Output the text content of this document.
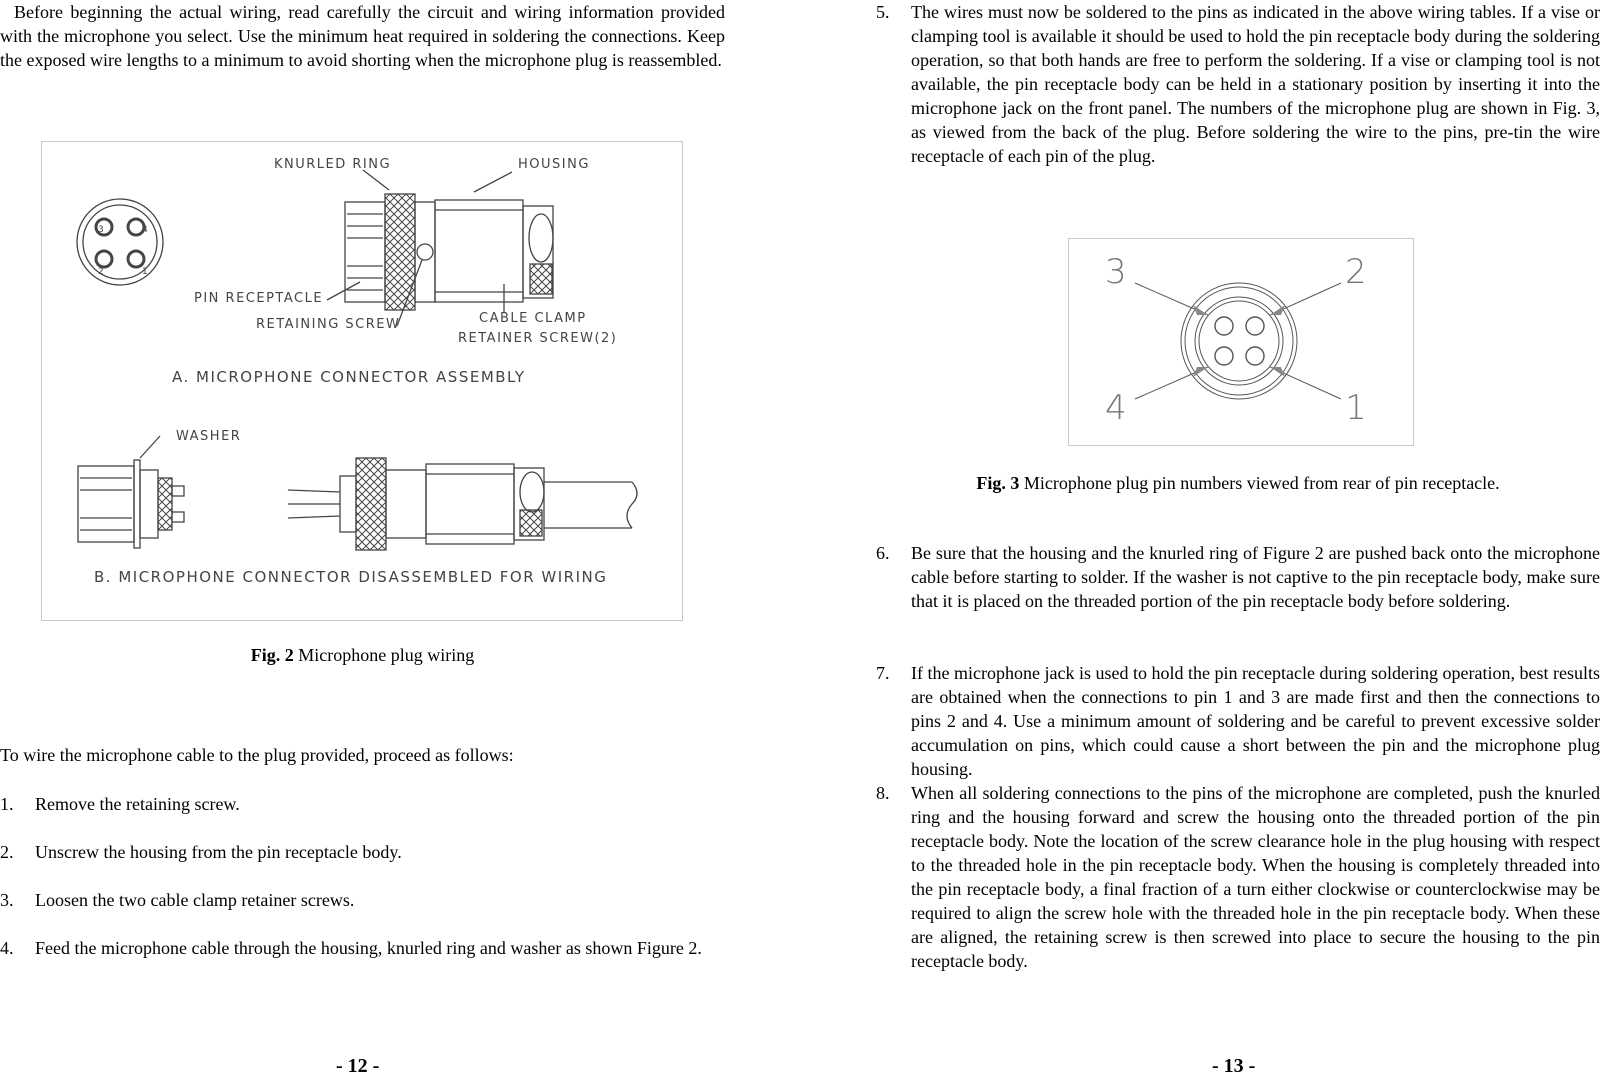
Before beginning the actual wiring, read carefully the circuit and wiring information provided with the microphone you select. Use the minimum heat required in soldering the connections. Keep the exposed wire lengths to a minimum to avoid shorting when the microphone plug is reassembled.

KNURLED RING	HOUSING
PIN RECEPTACLE
RETAINING SCREW	CABLE CLAMP
RETAINER SCREW(2)
A. MICROPHONE CONNECTOR ASSEMBLY
WASHER
B. MICROPHONE CONNECTOR DISASSEMBLED FOR WIRING
3	4
2	1
Fig. 2 Microphone plug wiring

To wire the microphone cable to the plug provided, proceed as follows:

1.	Remove the retaining screw.
2.	Unscrew the housing from the pin receptacle body.
3.	Loosen the two cable clamp retainer screws.
4.	Feed the microphone cable through the housing, knurled ring and washer as shown Figure 2.
- 12 -
5.	The wires must now be soldered to the pins as indicated in the above wiring tables. If a vise or clamping tool is available it should be used to hold the pin receptacle body during the soldering operation, so that both hands are free to perform the soldering. If a vise or clamping tool is not available, the pin receptacle body can be held in a stationary position by inserting it into the microphone jack on the front panel. The numbers of the microphone plug are shown in Fig. 3, as viewed from the back of the plug. Before soldering the wire to the pins, pre-tin the wire receptacle of each pin of the plug.
3	2
4	1
Fig. 3 Microphone plug pin numbers viewed from rear of pin receptacle.
6.	Be sure that the housing and the knurled ring of Figure 2 are pushed back onto the microphone cable before starting to solder. If the washer is not captive to the pin receptacle body, make sure that it is placed on the threaded portion of the pin receptacle body before soldering.
7.	If the microphone jack is used to hold the pin receptacle during soldering operation, best results are obtained when the connections to pin 1 and 3 are made first and then the connections to pins 2 and 4. Use a minimum amount of soldering and be careful to prevent excessive solder accumulation on pins, which could cause a short between the pin and the microphone plug housing.
8.	When all soldering connections to the pins of the microphone are completed, push the knurled ring and the housing forward and screw the housing onto the threaded portion of the pin receptacle body. Note the location of the screw clearance hole in the plug housing with respect to the threaded hole in the pin receptacle body. When the housing is completely threaded into the pin receptacle body, a final fraction of a turn either clockwise or counterclockwise may be required to align the screw hole with the threaded hole in the pin receptacle body. When these are aligned, the retaining screw is then screwed into place to secure the housing to the pin receptacle body.
- 13 -
